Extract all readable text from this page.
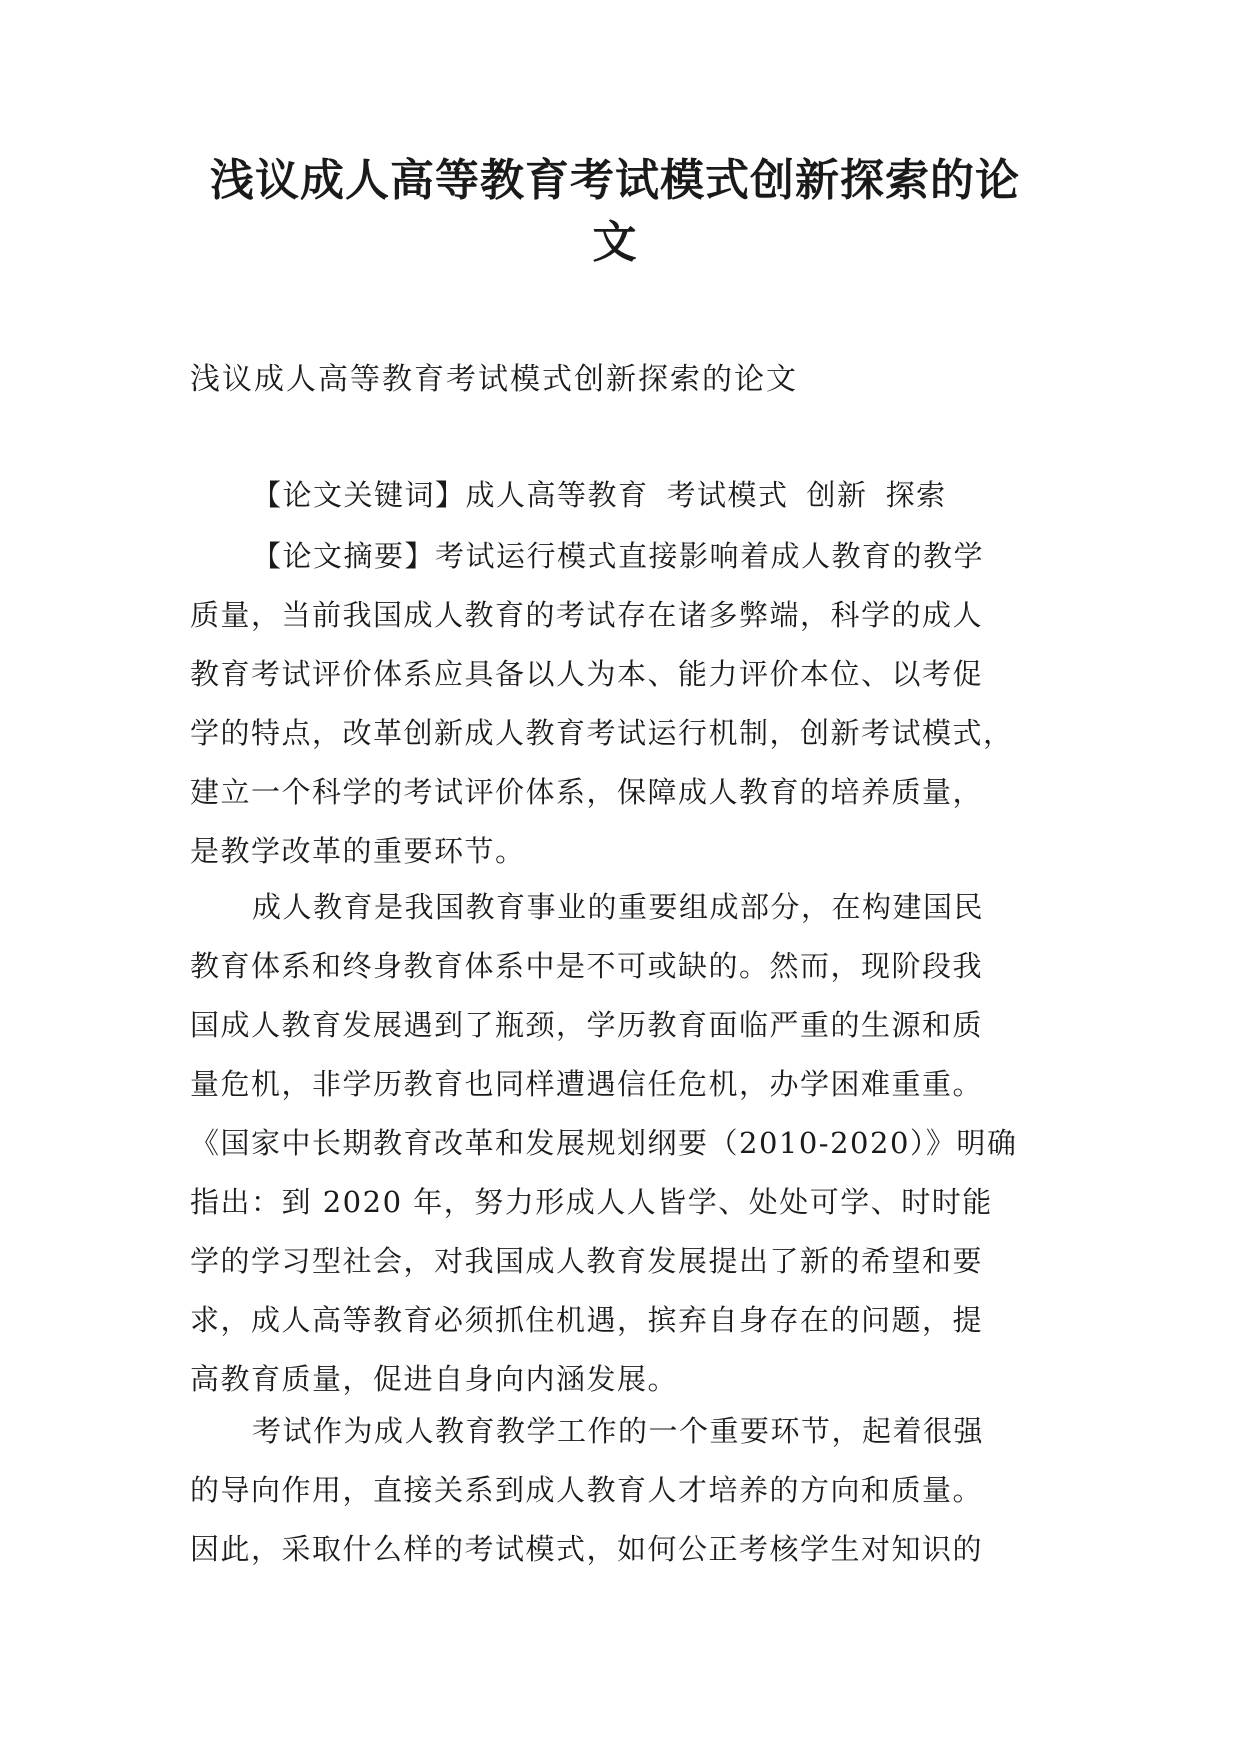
浅议成人高等教育考试模式创新探索的论
文
浅议成人高等教育考试模式创新探索的论文
【论文关键词】成人高等教育 考试模式 创新 探索
【论文摘要】考试运行模式直接影响着成人教育的教学
质量，当前我国成人教育的考试存在诸多弊端，科学的成人
教育考试评价体系应具备以人为本、能力评价本位、以考促
学的特点，改革创新成人教育考试运行机制，创新考试模式，
建立一个科学的考试评价体系，保障成人教育的培养质量，
是教学改革的重要环节。
成人教育是我国教育事业的重要组成部分，在构建国民
教育体系和终身教育体系中是不可或缺的。然而，现阶段我
国成人教育发展遇到了瓶颈，学历教育面临严重的生源和质
量危机，非学历教育也同样遭遇信任危机，办学困难重重。
《国家中长期教育改革和发展规划纲要（2010-2020）》明确
指出：到 2020 年，努力形成人人皆学、处处可学、时时能
学的学习型社会，对我国成人教育发展提出了新的希望和要
求，成人高等教育必须抓住机遇，摈弃自身存在的问题，提
高教育质量，促进自身向内涵发展。
考试作为成人教育教学工作的一个重要环节，起着很强
的导向作用，直接关系到成人教育人才培养的方向和质量。
因此，采取什么样的考试模式，如何公正考核学生对知识的
